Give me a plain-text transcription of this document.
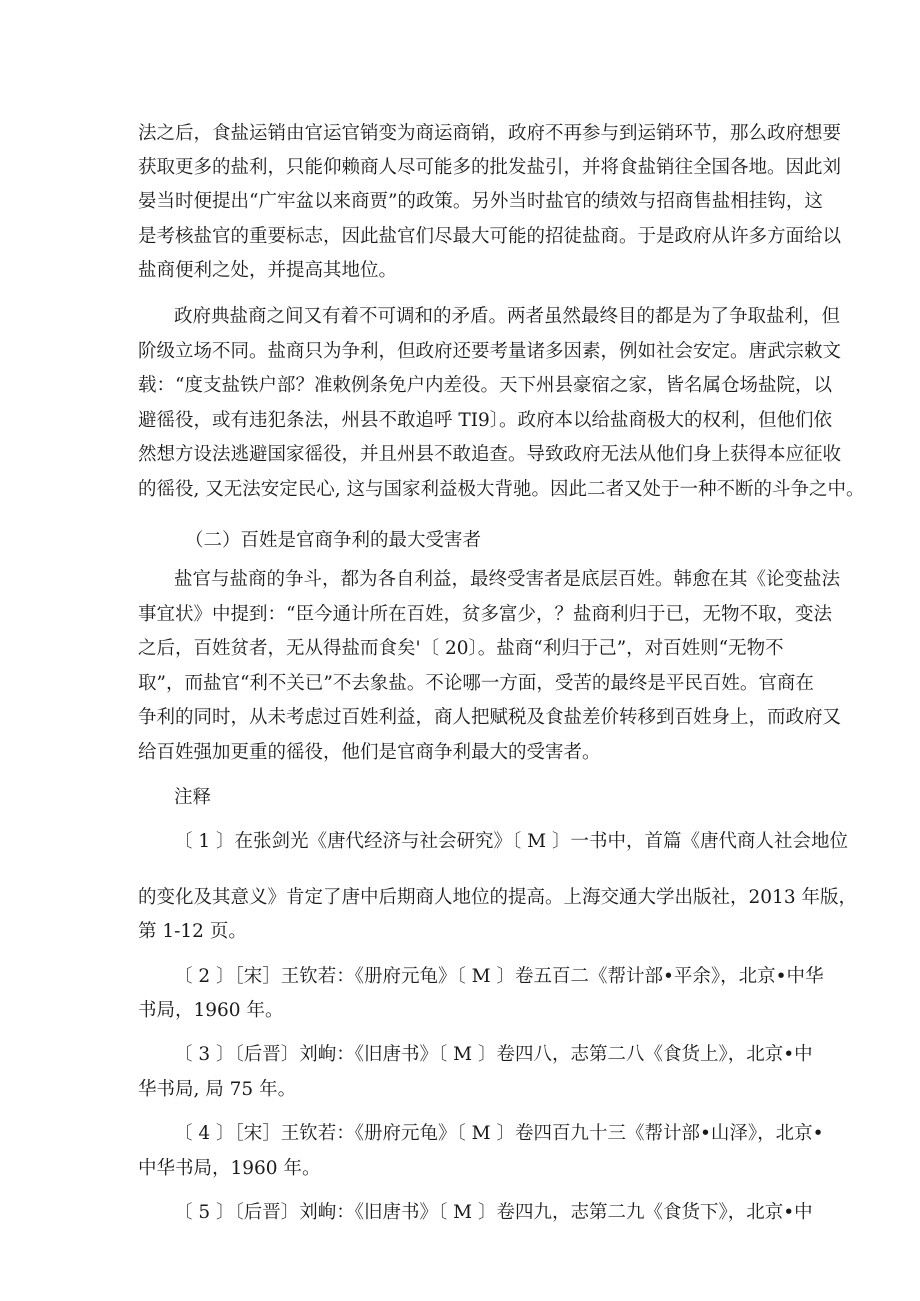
法之后，食盐运销由官运官销变为商运商销，政府不再参与到运销环节，那么政府想要
获取更多的盐利，只能仰赖商人尽可能多的批发盐引，并将食盐销往全国各地。因此刘
晏当时便提出“广牢盆以来商贾”的政策。另外当时盐官的绩效与招商售盐相挂钩，这
是考核盐官的重要标志，因此盐官们尽最大可能的招徒盐商。于是政府从许多方面给以
盐商便利之处，并提高其地位。
政府典盐商之间又有着不可调和的矛盾。两者虽然最终目的都是为了争取盐利，但
阶级立场不同。盐商只为争利，但政府还要考量诸多因素，例如社会安定。唐武宗敕文
载：“度支盐铁户部？准敕例条免户内差役。天下州县豪宿之家，皆名属仓场盐院，以
避徭役，或有违犯条法，州县不敢追呼 TI9〕。政府本以给盐商极大的权利，但他们依
然想方设法逃避国家徭役，并且州县不敢追查。导致政府无法从他们身上获得本应征收
的徭役, 又无法安定民心, 这与国家利益极大背驰。因此二者又处于一种不断的斗争之中。
（二）百姓是官商争利的最大受害者
盐官与盐商的争斗，都为各自利益，最终受害者是底层百姓。韩愈在其《论变盐法
事宜状》中提到：“臣今通计所在百姓，贫多富少，？盐商利归于已，无物不取，变法
之后，百姓贫者，无从得盐而食矣'〔 20〕。盐商“利归于己”，对百姓则“无物不
取”，而盐官“利不关已”不去象盐。不论哪一方面，受苦的最终是平民百姓。官商在
争利的同时，从未考虑过百姓利益，商人把赋税及食盐差价转移到百姓身上，而政府又
给百姓强加更重的徭役，他们是官商争利最大的受害者。
注释
〔 1 〕在张剑光《唐代经济与社会研究》〔 M 〕一书中，首篇《唐代商人社会地位
的变化及其意义》肯定了唐中后期商人地位的提高。上海交通大学出版社，2013 年版，
第 1-12 页。
〔 2 〕［宋］王钦若：《册府元龟》〔 M 〕卷五百二《帮计部•平余》，北京•中华
书局，1960 年。
〔 3 〕〔后晋〕刘峋：《旧唐书》〔 M 〕卷四八，志第二八《食货上》，北京•中
华书局, 局 75 年。
〔 4 〕［宋］王钦若：《册府元龟》〔 M 〕卷四百九十三《帮计部•山泽》，北京•
中华书局，1960 年。
〔 5 〕〔后晋〕刘峋：《旧唐书》〔 M 〕卷四九，志第二九《食货下》，北京•中
